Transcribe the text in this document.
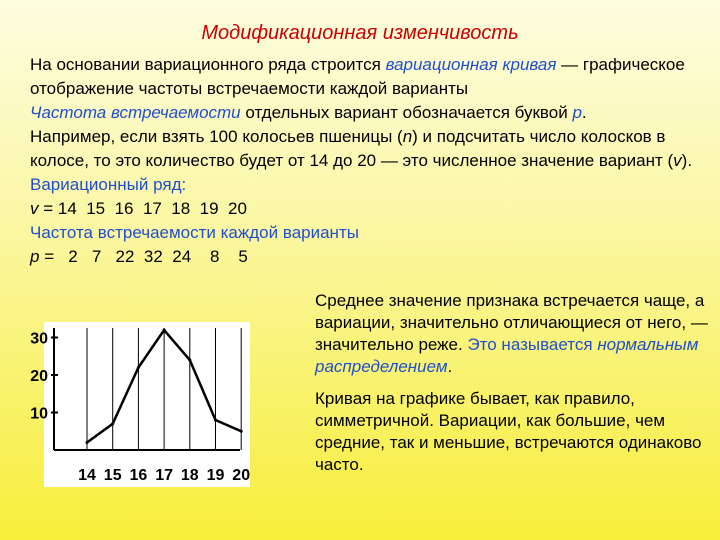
Модификационная изменчивость

На основании вариационного ряда строится вариационная кривая — графическое отображение частоты встречаемости каждой варианты

Частота встречаемости отдельных вариант обозначается буквой p.

Например, если взять 100 колосьев пшеницы (n) и подсчитать число колосков в колосе, то это количество будет от 14 до 20 — это численное значение вариант (v).

Вариационный ряд:

v = 14  15  16  17  18  19  20

Частота встречаемости каждой варианты

p =   2   7   22  32  24    8    5

Среднее значение признака встречается чаще, а вариации, значительно отличающиеся от него, — значительно реже. Это называется нормальным распределением.

Кривая на графике бывает, как правило, симметричной. Вариации, как большие, чем средние, так и меньшие, встречаются одинаково часто.

10
20
30
14 15 16 17 18 19 20
